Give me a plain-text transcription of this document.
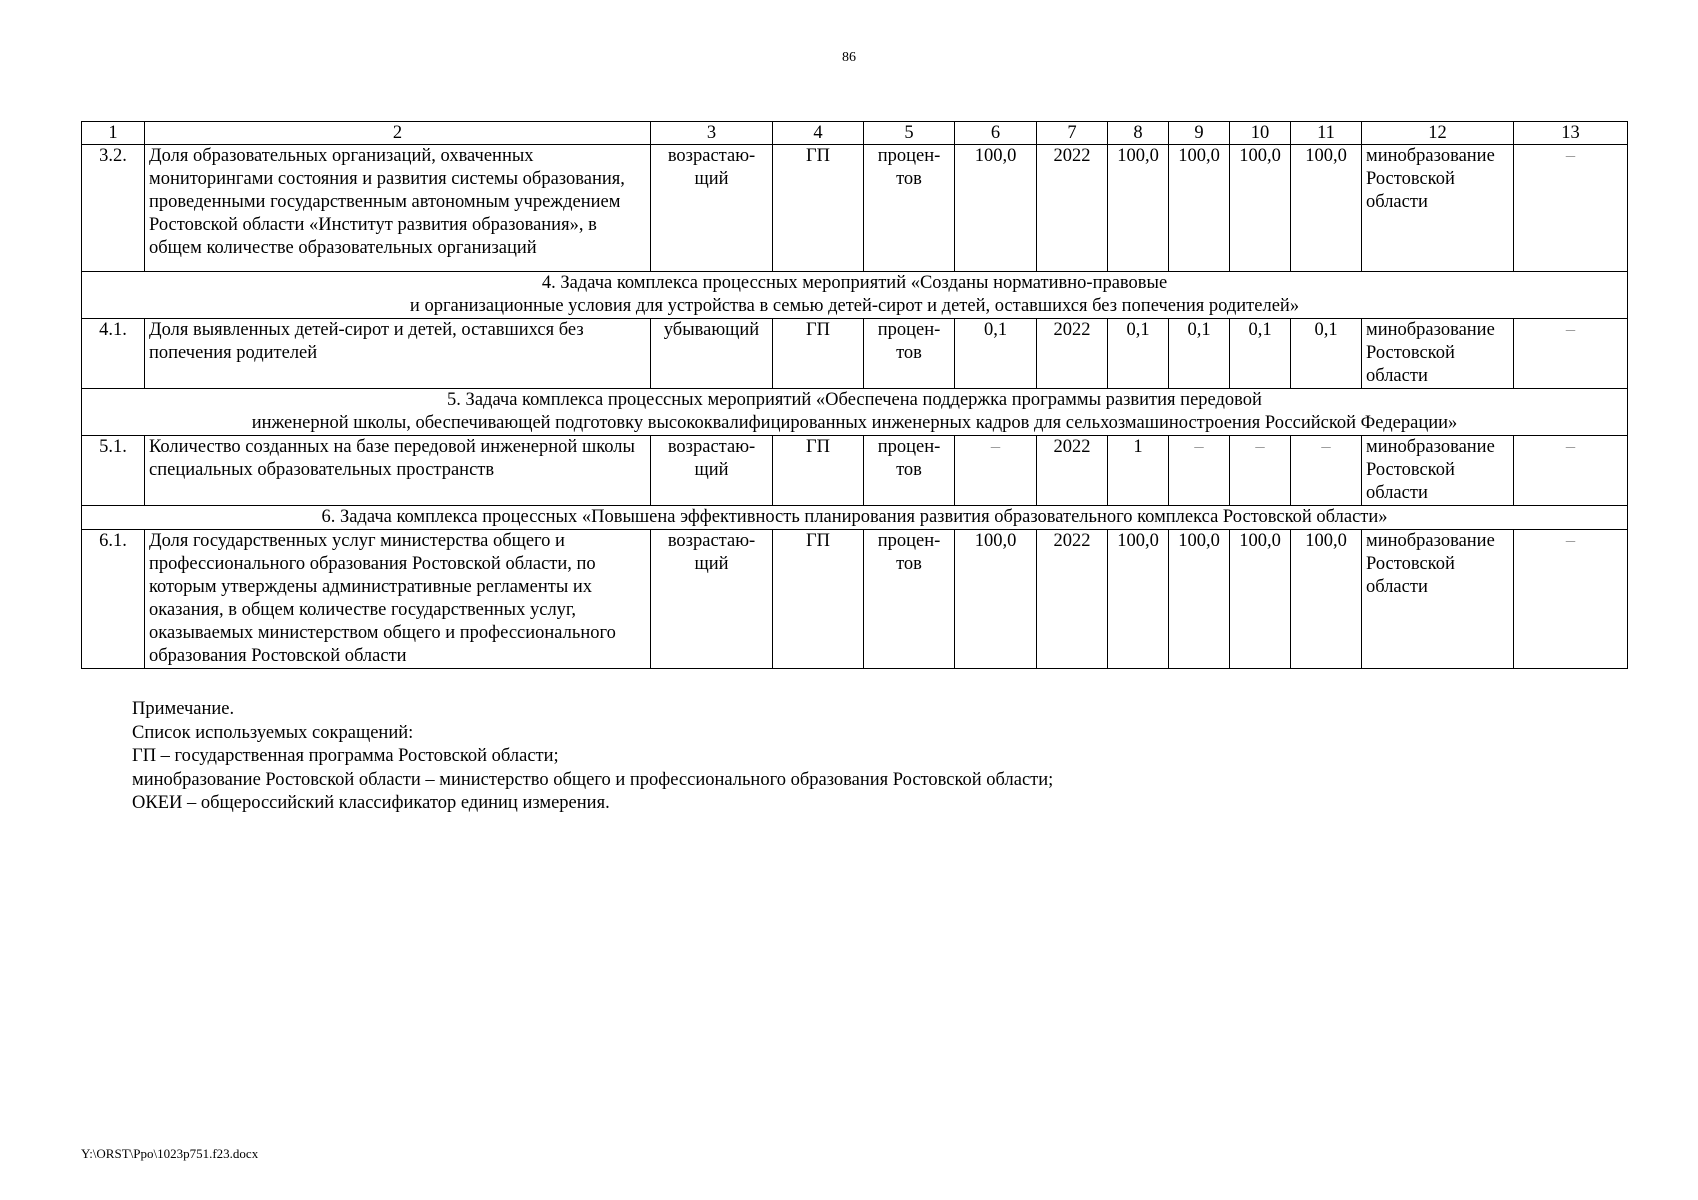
86
1	2	3	4	5	6	7	8	9	10	11	12	13
3.2.	Доля образовательных организаций, охваченных мониторингами состояния и развития системы образования, проведенными государственным автономным учреждением Ростовской области «Институт развития образования», в общем количестве образовательных организаций	возрастаю-щий	ГП	процен-тов	100,0	2022	100,0	100,0	100,0	100,0	минобразование Ростовской области	–
4. Задача комплекса процессных мероприятий «Созданы нормативно-правовые
и организационные условия для устройства в семью детей-сирот и детей, оставшихся без попечения родителей»												
4.1.	Доля выявленных детей-сирот и детей, оставшихся без попечения родителей	убывающий	ГП	процен-тов	0,1	2022	0,1	0,1	0,1	0,1	минобразование Ростовской области	–
5. Задача комплекса процессных мероприятий «Обеспечена поддержка программы развития передовой
инженерной школы, обеспечивающей подготовку высококвалифицированных инженерных кадров для сельхозмашиностроения Российской Федерации»												
5.1.	Количество созданных на базе передовой инженерной школы специальных образовательных пространств	возрастаю-щий	ГП	процен-тов	–	2022	1	–	–	–	минобразование Ростовской области	–
6. Задача комплекса процессных «Повышена эффективность планирования развития образовательного комплекса Ростовской области»												
6.1.	Доля государственных услуг министерства общего и профессионального образования Ростовской области, по которым утверждены административные регламенты их оказания, в общем количестве государственных услуг, оказываемых министерством общего и профессионального образования Ростовской области	возрастаю-щий	ГП	процен-тов	100,0	2022	100,0	100,0	100,0	100,0	минобразование Ростовской области	–
Примечание.
Список используемых сокращений:
ГП – государственная программа Ростовской области;
минобразование Ростовской области – министерство общего и профессионального образования Ростовской области;
ОКЕИ – общероссийский классификатор единиц измерения.
Y:\ORST\Ppo\1023p751.f23.docx
